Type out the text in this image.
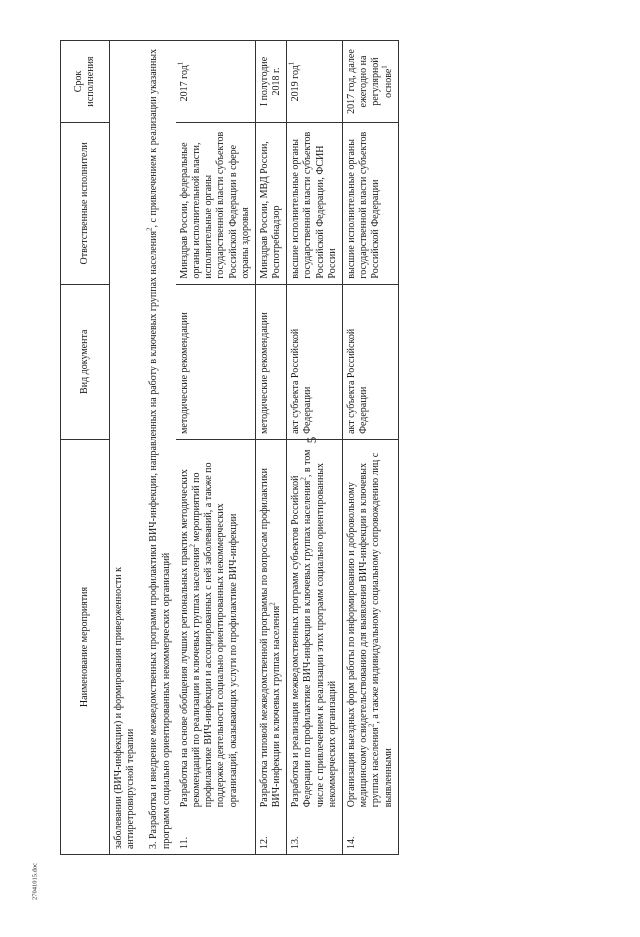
5
27041015.doc
Наименование мероприятия		Вид документа	Ответственные исполнители	Срок исполнения

заболевании (ВИЧ-инфекции) и формирования приверженности к антиретровирусной терапии				

3. Разработка и внедрение межведомственных программ профилактики ВИЧ-инфекции, направленных на работу в ключевых группах населения$^2$, с привлечением к реализации указанных программ социально ориентированных некоммерческих организаций				
11.	Разработка на основе обобщения лучших региональных практик методических рекомендаций по реализации в ключевых группах населения$^2$ мероприятий по профилактике ВИЧ-инфекции и ассоциированных с ней заболеваний, а также по поддержке деятельности социально ориентированных некоммерческих организаций, оказывающих услуги по профилактике ВИЧ-инфекции	методические рекомендации	Минздрав России, федеральные органы исполнительной власти, исполнительные органы государственной власти субъектов Российской Федерации в сфере охраны здоровья	2017 год$^1$
12.	Разработка типовой межведомственной программы по вопросам профилактики ВИЧ-инфекции в ключевых группах населения$^2$	методические рекомендации	Минздрав России, МВД России, Роспотребнадзор	I полугодие 2018 г.
13.	Разработка и реализация межведомственных программ субъектов Российской Федерации по профилактике ВИЧ-инфекции в ключевых группах населения$^2$, в том числе с привлечением к реализации этих программ социально ориентированных некоммерческих организаций	акт субъекта Российской Федерации	высшие исполнительные органы государственной власти субъектов Российской Федерации, ФСИН России	2019 год$^1$
14.	Организация выездных форм работы по информированию и добровольному медицинскому освидетельствованию для выявления ВИЧ-инфекции в ключевых группах населения$^2$, а также индивидуальному социальному сопровождению лиц с выявленными	акт субъекта Российской Федерации	высшие исполнительные органы государственной власти субъектов Российской Федерации	2017 год, далее ежегодно на регулярной основе$^1$
